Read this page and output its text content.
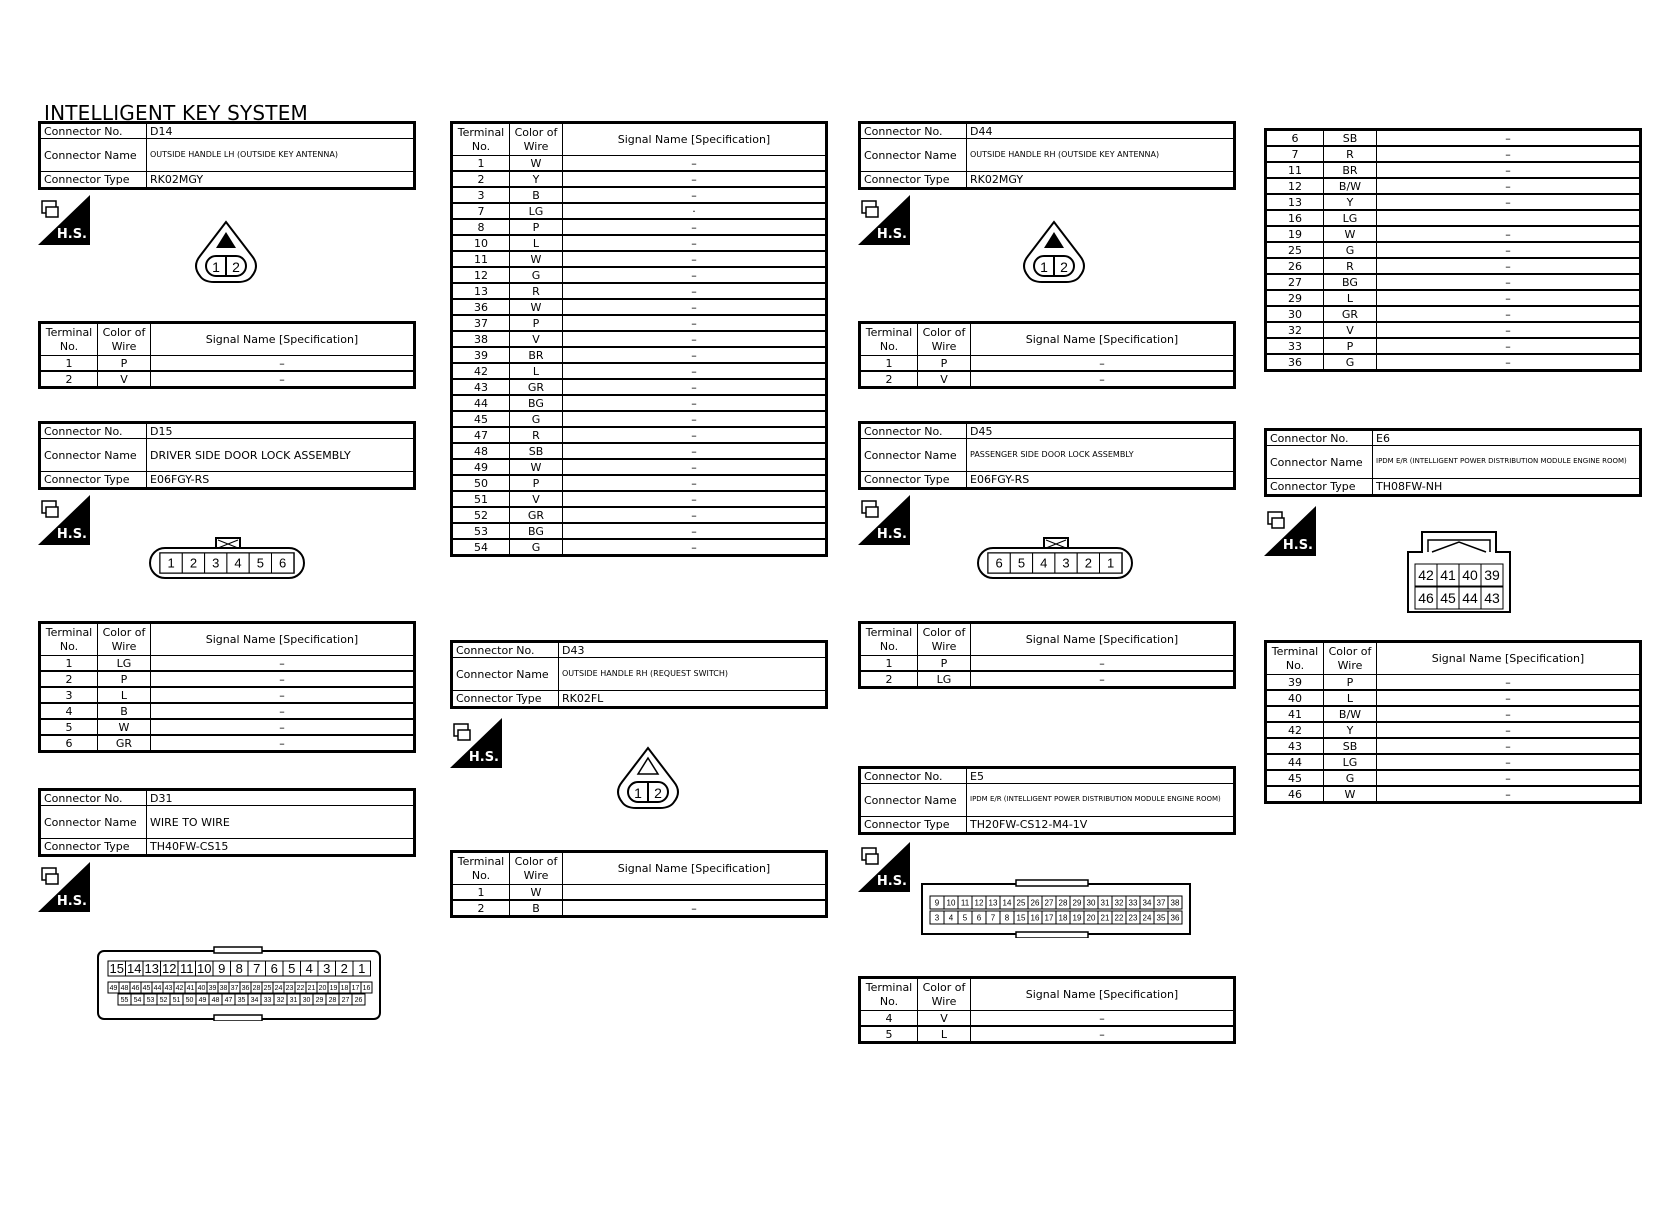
INTELLIGENT KEY SYSTEM
Connector No.	D14
Connector Name	OUTSIDE HANDLE LH (OUTSIDE KEY ANTENNA)
Connector Type	RK02MGY
H.S.
1 2
Terminal No.	Color of Wire	Signal Name [Specification]
1	P	–
2	V	–
Connector No.	D15
Connector Name	DRIVER SIDE DOOR LOCK ASSEMBLY
Connector Type	E06FGY-RS
H.S.
1 2 3 4 5 6
Terminal No.	Color of Wire	Signal Name [Specification]
1	LG	–
2	P	–
3	L	–
4	B	–
5	W	–
6	GR	–
Connector No.	D31
Connector Name	WIRE TO WIRE
Connector Type	TH40FW-CS15
H.S.
15 14 13 12 11 10 9 8 7 6 5 4 3 2 1
49 48 46 45 44 43 42 41 40 39 38 37 36 28 25 24 23 22 21 20 19 18 17 16
55 54 53 52 51 50 49 48 47 35 34 33 32 31 30 29 28 27 26
Terminal No.	Color of Wire	Signal Name [Specification]
1	W	–
2	Y	–
3	B	–
7	LG	·
8	P	–
10	L	–
11	W	–
12	G	–
13	R	–
36	W	–
37	P	–
38	V	–
39	BR	–
42	L	–
43	GR	–
44	BG	–
45	G	–
47	R	–
48	SB	–
49	W	–
50	P	–
51	V	–
52	GR	–
53	BG	–
54	G	–
Connector No.	D43
Connector Name	OUTSIDE HANDLE RH (REQUEST SWITCH)
Connector Type	RK02FL
H.S.
1 2
Terminal No.	Color of Wire	Signal Name [Specification]
1	W	
2	B	–
Connector No.	D44
Connector Name	OUTSIDE HANDLE RH (OUTSIDE KEY ANTENNA)
Connector Type	RK02MGY
H.S.
1 2
Terminal No.	Color of Wire	Signal Name [Specification]
1	P	–
2	V	–
Connector No.	D45
Connector Name	PASSENGER SIDE DOOR LOCK ASSEMBLY
Connector Type	E06FGY-RS
H.S.
6 5 4 3 2 1
Terminal No.	Color of Wire	Signal Name [Specification]
1	P	–
2	LG	–
Connector No.	E5
Connector Name	IPDM E/R (INTELLIGENT POWER DISTRIBUTION MODULE ENGINE ROOM)
Connector Type	TH20FW-CS12-M4-1V
H.S.
9 10 11 12 13 14 25 26 27 28 29 30 31 32 33 34 37 38
3 4 5 6 7 8 15 16 17 18 19 20 21 22 23 24 35 36
Terminal No.	Color of Wire	Signal Name [Specification]
4	V	–
5	L	–
6	SB	–
7	R	–
11	BR	–
12	B/W	–
13	Y	–
16	LG	
19	W	–
25	G	–
26	R	–
27	BG	–
29	L	–
30	GR	–
32	V	–
33	P	–
36	G	–
Connector No.	E6
Connector Name	IPDM E/R (INTELLIGENT POWER DISTRIBUTION MODULE ENGINE ROOM)
Connector Type	TH08FW-NH
H.S.
42 41 40 39
46 45 44 43
Terminal No.	Color of Wire	Signal Name [Specification]
39	P	–
40	L	–
41	B/W	–
42	Y	–
43	SB	–
44	LG	–
45	G	–
46	W	–
